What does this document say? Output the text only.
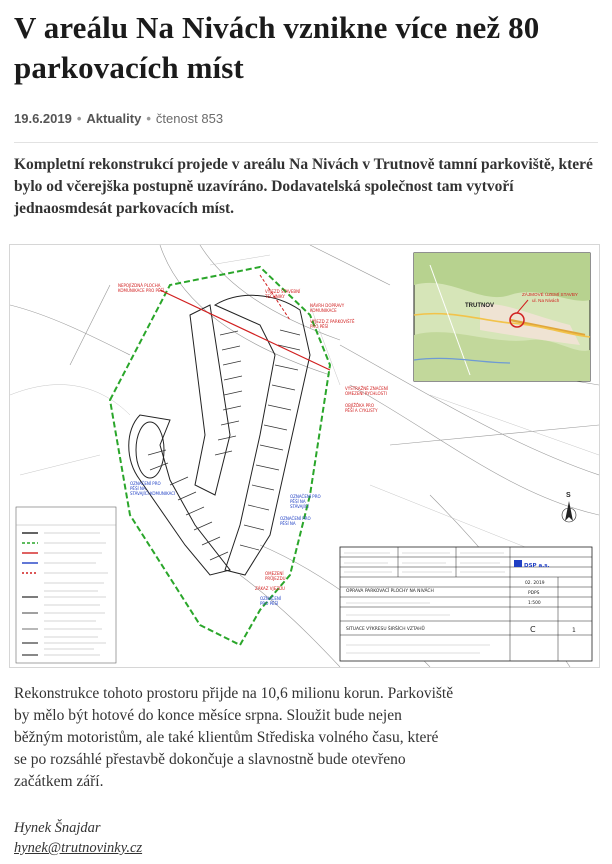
V areálu Na Nivách vznikne více než 80 parkovacích míst
19.6.2019 • Aktuality • čtenost 853

Kompletní rekonstrukcí projede v areálu Na Nivách v Trutnově tamní parkoviště, které bylo od včerejška postupně uzavíráno. Dodavatelská společnost tam vytvoří jednaosmdesát parkovacích míst.

NEPOJÍZDNÁ PLOCHA
KOMUNIKACE PRO PĚŠÍ	VÝJEZD STAVEBNÍ
TECHNIKY
NÁVRH DOPRAVY
KOMUNIKACE
VÝJEZD Z PARKOVIŠTĚ
PRO PĚŠÍ
VÝSTRAŽNÉ ZNAČENÍ
OMEZENÍ RYCHLOSTI
OBJÍŽĎKA PRO
PĚŠÍ A CYKLISTY
OMEZENÍ
PRŮJEZDU
ZÁKAZ VJEZDU
OZNAČENÍ PRO
PĚŠÍ NA
STÁVAJÍCÍ KOMUNIKACI
OZNAČENÍ PRO
PĚŠÍ NA
STÁVAJÍCÍ
OZNAČENÍ PRO
PĚŠÍ NA
OZNAČENÍ
PRO PĚŠÍ
TRUTNOV
ZÁJMOVÉ ÚZEMÍ STAVBY
ul. Na Nivách
S
DSP a.s.
OPRAVA PARKOVACÍ PLOCHY NA NIVÁCH
SITUACE VÝKRESU ŠIRŠÍCH VZTAHŮ
02. 2019
PDPS
1:500
C	1

Rekonstrukce tohoto prostoru přijde na 10,6 milionu korun. Parkoviště by mělo být hotové do konce měsíce srpna. Sloužit bude nejen běžným motoristům, ale také klientům Střediska volného času, které se po rozsáhlé přestavbě dokončuje a slavnostně bude otevřeno začátkem září.

Hynek Šnajdar
hynek@trutnovinky.cz
